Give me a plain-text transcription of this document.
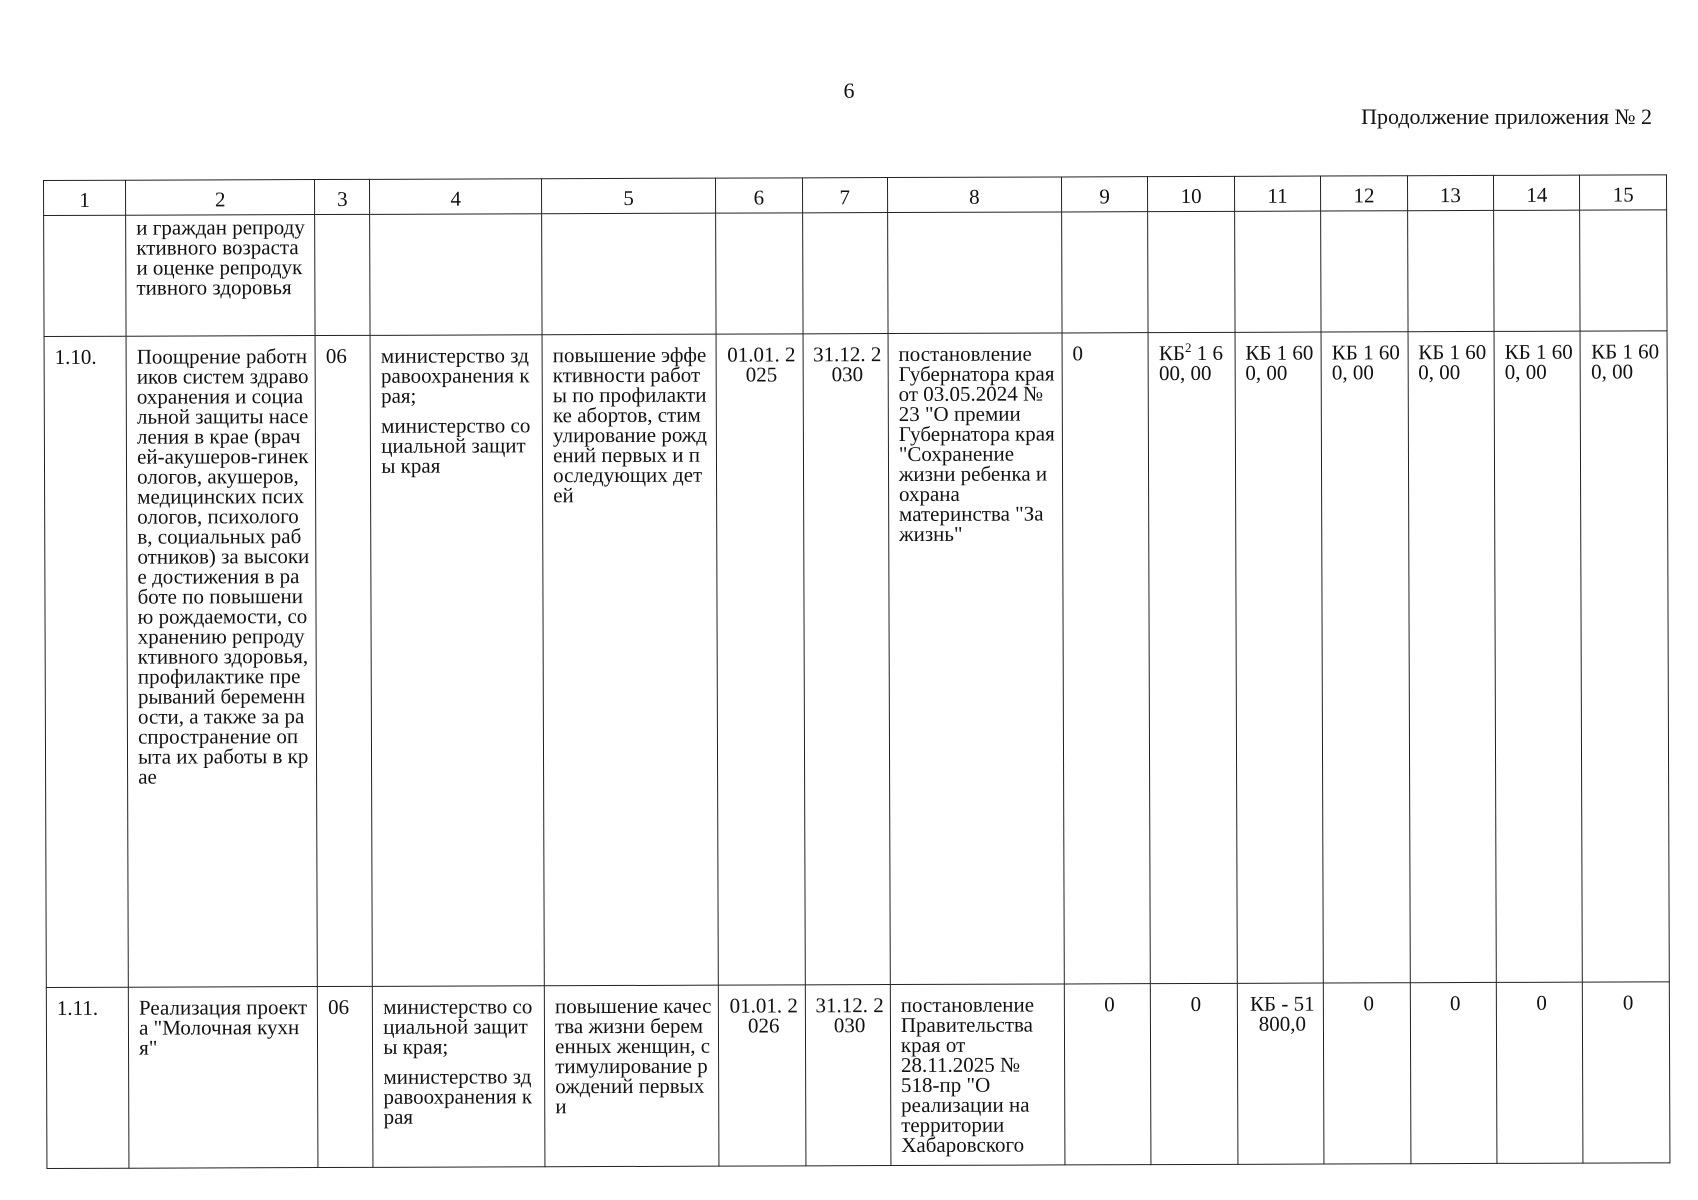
6
Продолжение приложения № 2
1	2	3	4	5	6	7	8	9	10	11	12	13	14	15
	и граждан репродуктивного возраста и оценке репродуктивного здоровья													
1.10.	Поощрение работников систем здравоохранения и социальной защиты населения в крае (врачей-акушеров-гинекологов, акушеров, медицинских психологов, психологов, социальных работников) за высокие достижения в работе по повышению рождаемости, сохранению репродуктивного здоровья, профилактике прерываний беременности, а также за распространение опыта их работы в крае	06	министерство здравоохранения края;
министерство социальной защиты края	повышение эффективности работы по профилактике абортов, стимулирование рождений первых и последующих детей	01.01. 2025	31.12. 2030	постановление Губернатора края от 03.05.2024 № 23 "О премии Губернатора края "Сохранение жизни ребенка и охрана материнства "За жизнь"	0	$КБ^2$ 1 600, 00	КБ 1 600, 00	КБ 1 600, 00	КБ 1 600, 00	КБ 1 600, 00	КБ 1 600, 00
1.11.	Реализация проекта "Молочная кухня"	06	министерство социальной защиты края;
министерство здравоохранения края	повышение качества жизни беременных женщин, стимулирование рождений первых и	01.01. 2026	31.12. 2030	постановление Правительства края от 28.11.2025 № 518-пр "О реализации на территории Хабаровского	0	0	КБ - 51 800,0	0	0	0	0
